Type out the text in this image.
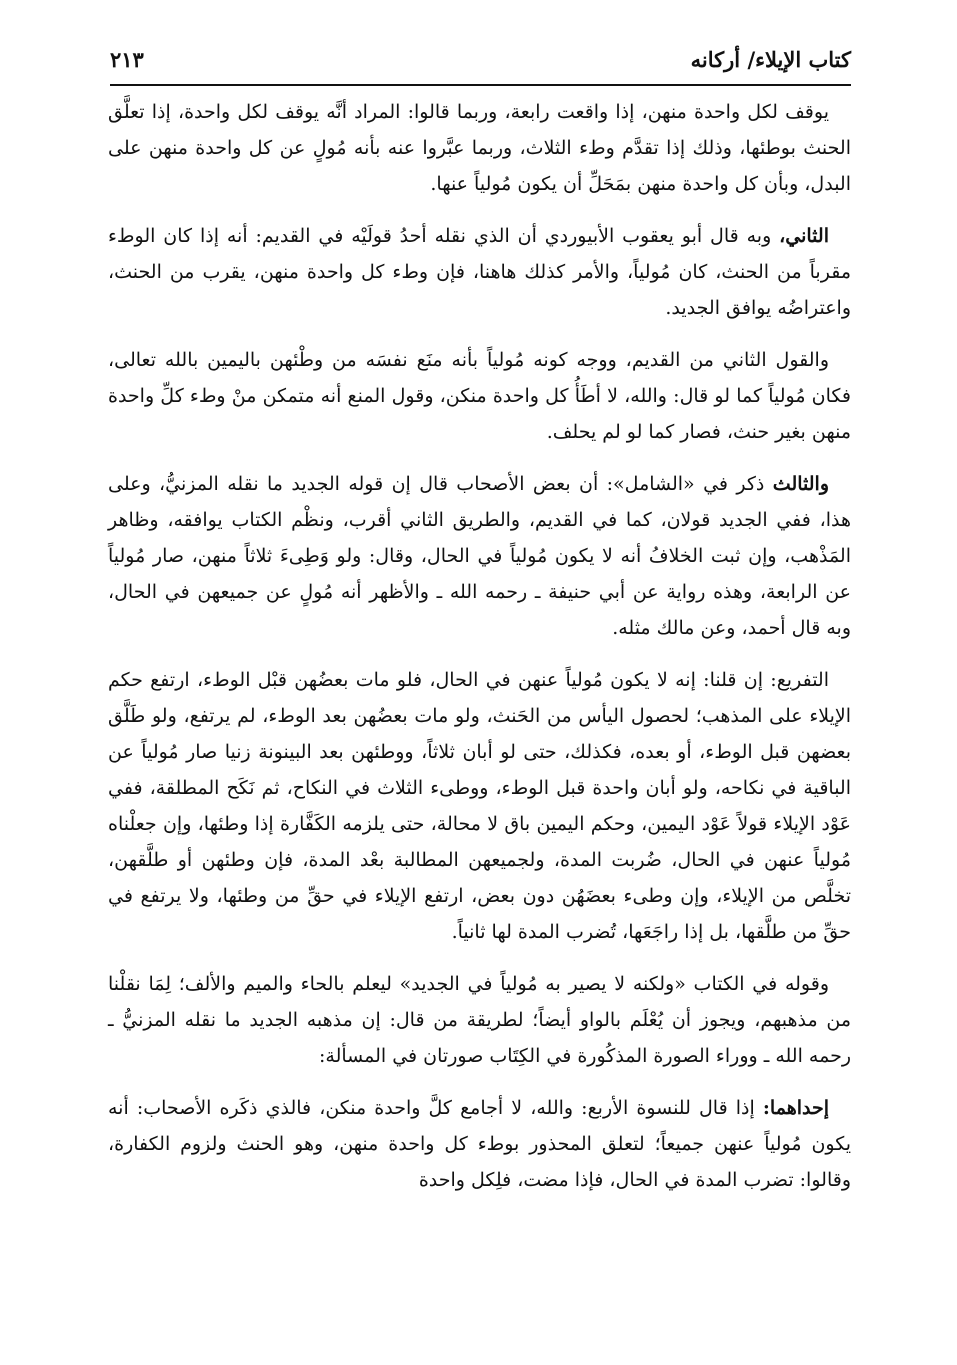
كتاب الإيلاء/ أركانه
٢١٣

يوقف لكل واحدة منهن، إذا واقعت رابعة، وربما قالوا: المراد أنَّه يوقف لكل واحدة، إذا تعلَّق الحنث بوطئها، وذلك إذا تقدَّم وطء الثلاث، وربما عبَّروا عنه بأنه مُولٍ عن كل واحدة منهن على البدل، وبأن كل واحدة منهن بمَحَلِّ أن يكون مُولياً عنها.

الثاني، وبه قال أبو يعقوب الأبيوردي أن الذي نقله أحدُ قولَيْه في القديم: أنه إذا كان الوطء مقرباً من الحنث، كان مُولياً، والأمر كذلك هاهنا، فإن وطء كل واحدة منهن، يقرب من الحنث، واعتراضُه يوافق الجديد.

والقول الثاني من القديم، ووجه كونه مُولياً بأنه منَع نفسَه من وطْئهن باليمين بالله تعالى، فكان مُولياً كما لو قال: والله، لا أطَأُ كل واحدة منكن، وقول المنع أنه متمكن منْ وطء كلِّ واحدة منهن بغير حنث، فصار كما لو لم يحلف.

والثالث ذكر في «الشامل»: أن بعض الأصحاب قال إن قوله الجديد ما نقله المزنيُّ، وعلى هذا، ففي الجديد قولان، كما في القديم، والطريق الثاني أقرب، ونظْم الكتاب يوافقه، وظاهر المَذْهب، وإن ثبت الخلافُ أنه لا يكون مُولياً في الحال، وقال: ولو وَطِىءَ ثلاثاً منهن، صار مُولياً عن الرابعة، وهذه رواية عن أبي حنيفة ـ رحمه الله ـ والأظهر أنه مُولٍ عن جميعهن في الحال، وبه قال أحمد، وعن مالك مثله.

التفريع: إن قلنا: إنه لا يكون مُولياً عنهن في الحال، فلو مات بعضُهن قبْل الوطء، ارتفع حكم الإيلاء على المذهب؛ لحصول اليأس من الحَنث، ولو مات بعضُهن بعد الوطء، لم يرتفع، ولو طَلَّق بعضهن قبل الوطء، أو بعده، فكذلك، حتى لو أبان ثلاثاً، ووطئهن بعد البينونة زنيا صار مُولياً عن الباقية في نكاحه، ولو أبان واحدة قبل الوطء، ووطىء الثلاث في النكاح، ثم نَكَح المطلقة، ففي عَوْد الإيلاء قولاً عَوْد اليمين، وحكم اليمين باق لا محالة، حتى يلزمه الكَفَّارة إذا وطئها، وإن جعلْناه مُولياً عنهن في الحال، ضُربت المدة، ولجميعهن المطالبة بعْد المدة، فإن وطئهن أو طلَّقهن، تخلَّص من الإيلاء، وإن وطىء بعضَهُن دون بعض، ارتفع الإيلاء في حقِّ من وطئها، ولا يرتفع في حقِّ من طلَّقها، بل إذا راجَعَها، تُضرب المدة لها ثانياً.

وقوله في الكتاب «ولكنه لا يصير به مُولياً في الجديد» ليعلم بالحاء والميم والألف؛ لِمَا نقلْنا من مذهبهم، ويجوز أن يُعْلَم بالواو أيضاً؛ لطريقة من قال: إن مذهبه الجديد ما نقله المزنيُّ ـ رحمه الله ـ ووراء الصورة المذكُورة في الكِتَاب صورتان في المسألة:

إحداهما: إذا قال للنسوة الأربع: والله، لا أجامع كلَّ واحدة منكن، فالذي ذكَره الأصحاب: أنه يكون مُولياً عنهن جميعاً؛ لتعلق المحذور بوطء كل واحدة منهن، وهو الحنث ولزوم الكفارة، وقالوا: تضرب المدة في الحال، فإذا مضت، فلِكل واحدة
